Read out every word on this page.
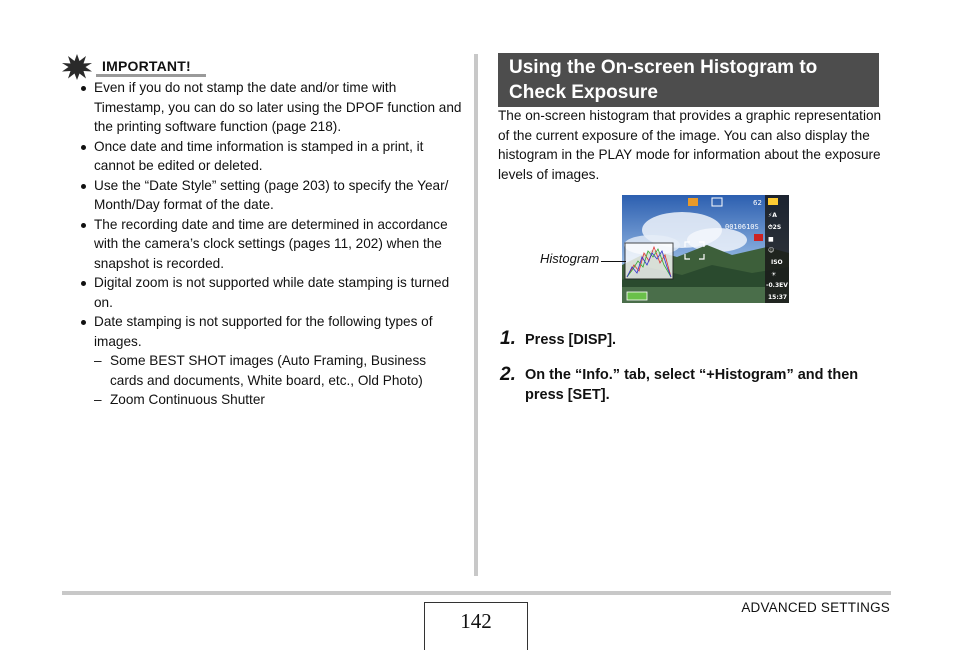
IMPORTANT!
Even if you do not stamp the date and/or time with Timestamp, you can do so later using the DPOF function and the printing software function (page 218).
Once date and time information is stamped in a print, it cannot be edited or deleted.
Use the “Date Style” setting (page 203) to specify the Year/ Month/Day format of the date.
The recording date and time are determined in accordance with the camera’s clock settings (pages 11, 202) when the snapshot is recorded.
Digital zoom is not supported while date stamping is turned on.
Date stamping is not supported for the following types of images.
– Some BEST SHOT images (Auto Framing, Business cards and documents, White board, etc., Old Photo)
– Zoom Continuous Shutter
Using the On-screen Histogram to Check Exposure
The on-screen histogram that provides a graphic representation of the current exposure of the image. You can also display the histogram in the PLAY mode for information about the exposure levels of images.
⚡A
⏱2S
■
☺
ISO
☀
-0.3EV
15:37
62
0010610S
Histogram
1. Press [DISP].
2. On the “Info.” tab, select “+Histogram” and then press [SET].
142
ADVANCED SETTINGS
